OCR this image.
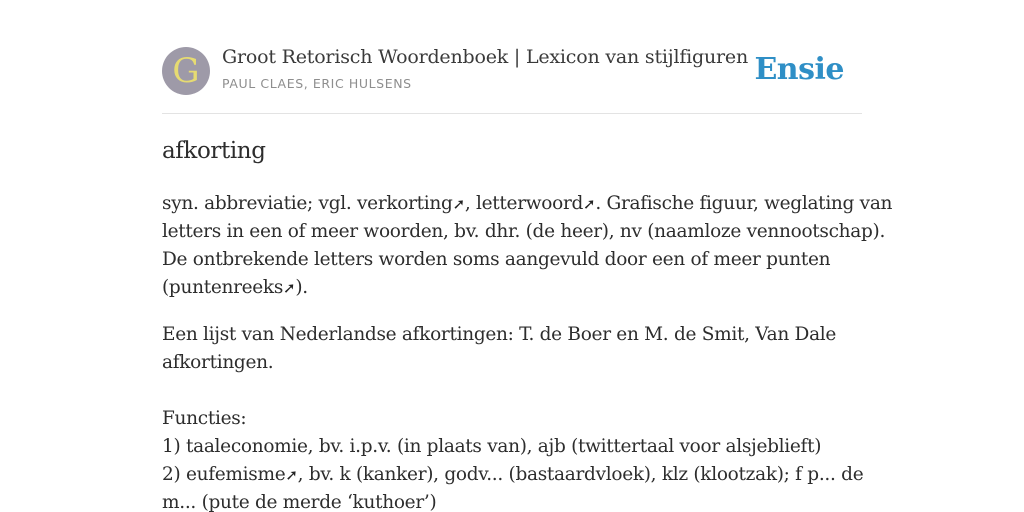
G	Groot Retorisch Woordenboek | Lexicon van stijlfiguren
PAUL CLAES, ERIC HULSENS	Ensie
afkorting

syn. abbreviatie; vgl. verkorting➚, letterwoord➚. Grafische figuur, weglating van
letters in een of meer woorden, bv. dhr. (de heer), nv (naamloze vennootschap).
De ontbrekende letters worden soms aangevuld door een of meer punten
(puntenreeks➚).

Een lijst van Nederlandse afkortingen: T. de Boer en M. de Smit, Van Dale
afkortingen.
Functies:
1) taaleconomie, bv. i.p.v. (in plaats van), ajb (twittertaal voor alsjeblieft)
2) eufemisme➚, bv. k (kanker), godv... (bastaardvloek), klz (klootzak); f p... de
m... (pute de merde ‘kuthoer’)
